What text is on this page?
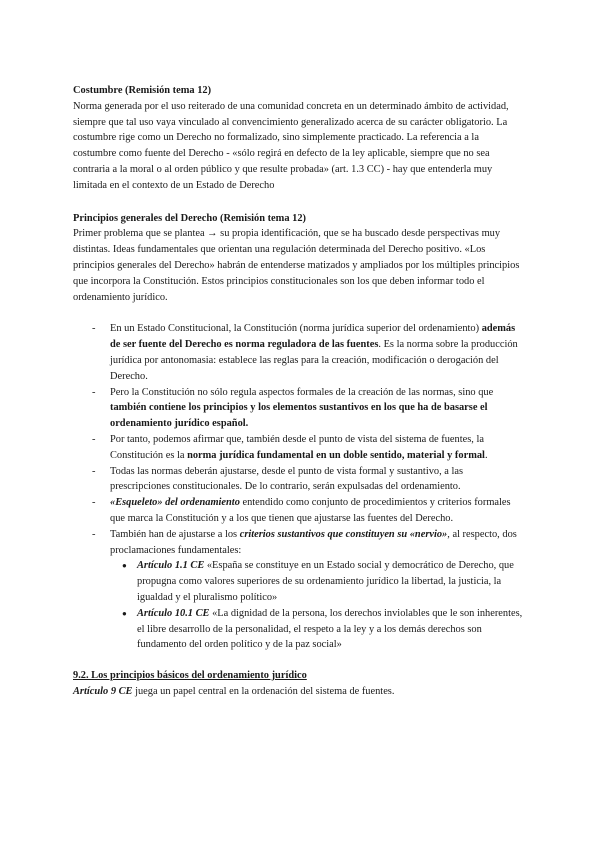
Costumbre (Remisión tema 12)

Norma generada por el uso reiterado de una comunidad concreta en un determinado ámbito de actividad, siempre que tal uso vaya vinculado al convencimiento generalizado acerca de su carácter obligatorio. La costumbre rige como un Derecho no formalizado, sino simplemente practicado. La referencia a la costumbre como fuente del Derecho - «sólo regirá en defecto de la ley aplicable, siempre que no sea contraria a la moral o al orden público y que resulte probada» (art. 1.3 CC) - hay que entenderla muy limitada en el contexto de un Estado de Derecho

Principios generales del Derecho (Remisión tema 12)

Primer problema que se plantea → su propia identificación, que se ha buscado desde perspectivas muy distintas. Ideas fundamentales que orientan una regulación determinada del Derecho positivo. «Los principios generales del Derecho» habrán de entenderse matizados y ampliados por los múltiples principios que incorpora la Constitución. Estos principios constitucionales son los que deben informar todo el ordenamiento jurídico.

- En un Estado Constitucional, la Constitución (norma jurídica superior del ordenamiento) además de ser fuente del Derecho es norma reguladora de las fuentes. Es la norma sobre la producción jurídica por antonomasia: establece las reglas para la creación, modificación o derogación del Derecho.
- Pero la Constitución no sólo regula aspectos formales de la creación de las normas, sino que también contiene los principios y los elementos sustantivos en los que ha de basarse el ordenamiento jurídico español.
- Por tanto, podemos afirmar que, también desde el punto de vista del sistema de fuentes, la Constitución es la norma jurídica fundamental en un doble sentido, material y formal.
- Todas las normas deberán ajustarse, desde el punto de vista formal y sustantivo, a las prescripciones constitucionales. De lo contrario, serán expulsadas del ordenamiento.
- «Esqueleto» del ordenamiento entendido como conjunto de procedimientos y criterios formales que marca la Constitución y a los que tienen que ajustarse las fuentes del Derecho.
- También han de ajustarse a los criterios sustantivos que constituyen su «nervio», al respecto, dos proclamaciones fundamentales:
● Artículo 1.1 CE «España se constituye en un Estado social y democrático de Derecho, que propugna como valores superiores de su ordenamiento jurídico la libertad, la justicia, la igualdad y el pluralismo político»
● Artículo 10.1 CE «La dignidad de la persona, los derechos inviolables que le son inherentes, el libre desarrollo de la personalidad, el respeto a la ley y a los demás derechos son fundamento del orden político y de la paz social»

9.2. Los principios básicos del ordenamiento jurídico

Artículo 9 CE juega un papel central en la ordenación del sistema de fuentes.
